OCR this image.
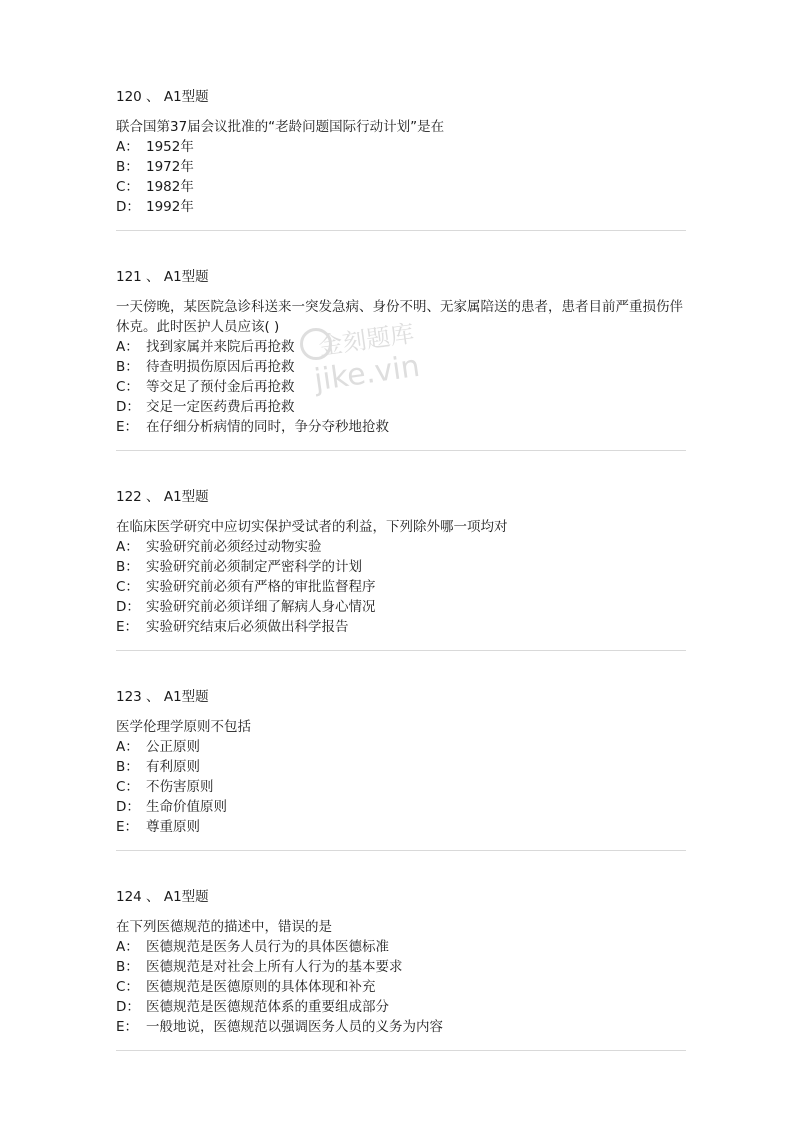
120 、 A1型题
联合国第37届会议批准的“老龄问题国际行动计划”是在
A： 1952年
B： 1972年
C： 1982年
D： 1992年
121 、 A1型题
一天傍晚，某医院急诊科送来一突发急病、身份不明、无家属陪送的患者，患者目前严重损伤伴休克。此时医护人员应该( )
A： 找到家属并来院后再抢救
B： 待查明损伤原因后再抢救
C： 等交足了预付金后再抢救
D： 交足一定医药费后再抢救
E： 在仔细分析病情的同时，争分夺秒地抢救
122 、 A1型题
在临床医学研究中应切实保护受试者的利益，下列除外哪一项均对
A： 实验研究前必须经过动物实验
B： 实验研究前必须制定严密科学的计划
C： 实验研究前必须有严格的审批监督程序
D： 实验研究前必须详细了解病人身心情况
E： 实验研究结束后必须做出科学报告
123 、 A1型题
医学伦理学原则不包括
A： 公正原则
B： 有利原则
C： 不伤害原则
D： 生命价值原则
E： 尊重原则
124 、 A1型题
在下列医德规范的描述中，错误的是
A： 医德规范是医务人员行为的具体医德标准
B： 医德规范是对社会上所有人行为的基本要求
C： 医德规范是医德原则的具体体现和补充
D： 医德规范是医德规范体系的重要组成部分
E： 一般地说，医德规范以强调医务人员的义务为内容
金刻题库
jike.vin
